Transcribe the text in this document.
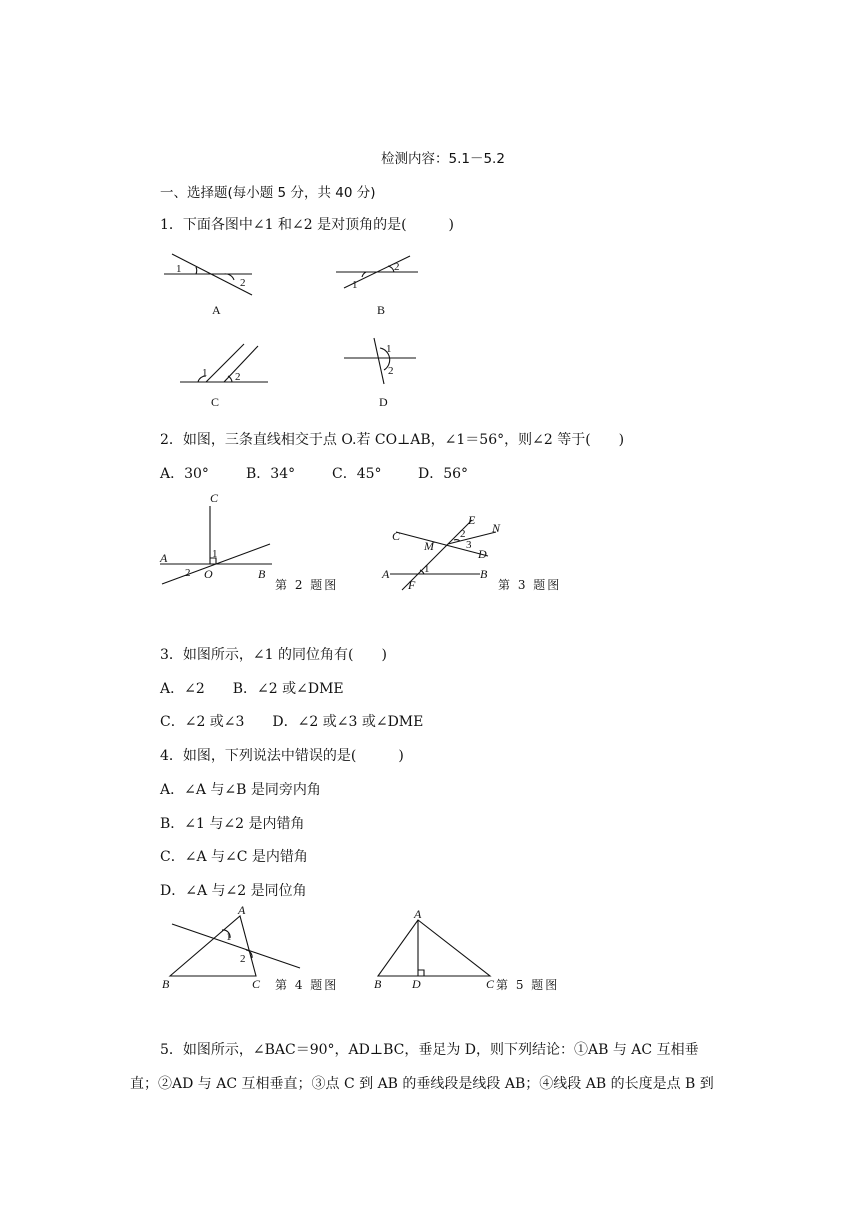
检测内容：5.1－5.2
一、选择题(每小题 5 分，共 40 分)
1．下面各图中∠1 和∠2 是对顶角的是(　　　)
1
2
A
1
2
B
1	2
C
1
2
D
2．如图，三条直线相交于点 O.若 CO⊥AB，∠1＝56°，则∠2 等于(　　)
A．30°	B．34°	C．45°	D．56°
C
A
O	B
1
2
第 2 题图
C
E
N
M
D
A	B
F
1
2
3
第 3 题图
3．如图所示，∠1 的同位角有(　　)
A．∠2　　B．∠2 或∠DME
C．∠2 或∠3　　D．∠2 或∠3 或∠DME
4．如图，下列说法中错误的是(　　　)
A．∠A 与∠B 是同旁内角
B．∠1 与∠2 是内错角
C．∠A 与∠C 是内错角
D．∠A 与∠2 是同位角
A
B	C
1
2
第 4 题图
A
B	D	C 第 5 题图
5．如图所示，∠BAC＝90°，AD⊥BC，垂足为 D，则下列结论：①AB 与 AC 互相垂
直；②AD 与 AC 互相垂直；③点 C 到 AB 的垂线段是线段 AB；④线段 AB 的长度是点 B 到
